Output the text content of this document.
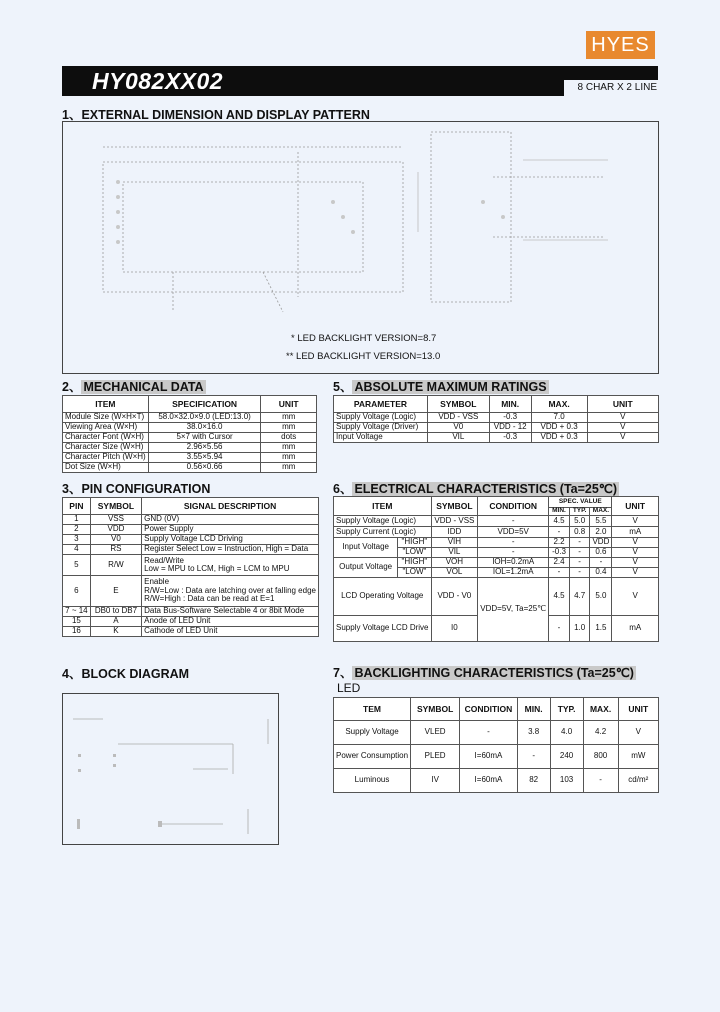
HYES
HY082XX02	8 CHAR X 2 LINE
1、EXTERNAL DIMENSION AND DISPLAY PATTERN
* LED BACKLIGHT VERSION=8.7
** LED BACKLIGHT VERSION=13.0
2、 MECHANICAL DATA
ITEM	SPECIFICATION	UNIT
Module Size (W×H×T)	58.0×32.0×9.0 (LED:13.0)	mm
Viewing Area (W×H)	38.0×16.0	mm
Character Font (W×H)	5×7 with Cursor	dots
Character Size (W×H)	2.96×5.56	mm
Character Pitch (W×H)	3.55×5.94	mm
Dot Size (W×H)	0.56×0.66	mm
5、 ABSOLUTE MAXIMUM RATINGS
PARAMETER	SYMBOL	MIN.	MAX.	UNIT
Supply Voltage (Logic)	VDD - VSS	-0.3	7.0	V
Supply Voltage (Driver)	V0	VDD - 12	VDD + 0.3	V
Input Voltage	VIL	-0.3	VDD + 0.3	V
3、PIN CONFIGURATION
PIN	SYMBOL	SIGNAL DESCRIPTION
1	VSS	GND (0V)
2	VDD	Power Supply
3	V0	Supply Voltage LCD Driving
4	RS	Register Select Low = Instruction, High = Data
5	R/W	Read/Write
Low = MPU to LCM, High = LCM to MPU
6	E	Enable
R/W=Low : Data are latching over at falling edge
R/W=High : Data can be read at E=1
7 ~ 14	DB0 to DB7	Data Bus-Software Selectable 4 or 8bit Mode
15	A	Anode of LED Unit
16	K	Cathode of LED Unit
6、 ELECTRICAL CHARACTERISTICS (Ta=25℃)
ITEM		SYMBOL	CONDITION	SPEC. VALUE			UNIT
				MIN.	TYP.	MAX.	
Supply Voltage (Logic)		VDD - VSS	-	4.5	5.0	5.5	V
Supply Current (Logic)		IDD	VDD=5V	-	0.8	2.0	mA
Input Voltage	"HIGH"	VIH	-	2.2	-	VDD	V
	"LOW"	VIL	-	-0.3	-	0.6	V
Output Voltage	"HIGH"	VOH	IOH=0.2mA	2.4	-	-	V
	"LOW"	VOL	IOL=1.2mA	-	-	0.4	V
LCD Operating Voltage		VDD - V0	VDD=5V, Ta=25℃	4.5	4.7	5.0	V
Supply Voltage LCD Drive		I0		-	1.0	1.5	mA
4、BLOCK DIAGRAM	7、 BACKLIGHTING CHARACTERISTICS (Ta=25℃)
LED
TEM	SYMBOL	CONDITION	MIN.	TYP.	MAX.	UNIT
Supply Voltage	VLED	-	3.8	4.0	4.2	V
Power Consumption	PLED	I=60mA	-	240	800	mW
Luminous	IV	I=60mA	82	103	-	cd/m²
